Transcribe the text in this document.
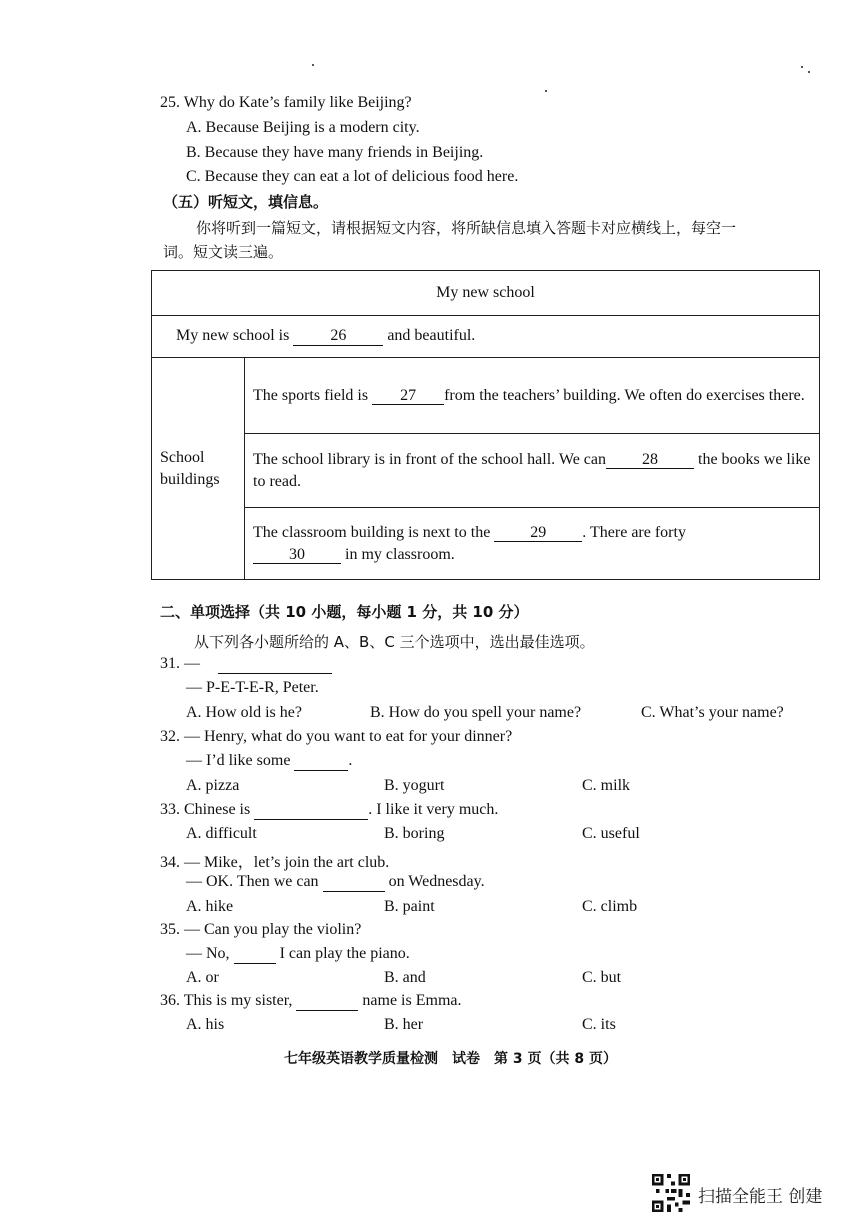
25. Why do Kate’s family like Beijing?
A. Because Beijing is a modern city.
B. Because they have many friends in Beijing.
C. Because they can eat a lot of delicious food here.
（五）听短文，填信息。
你将听到一篇短文，请根据短文内容，将所缺信息填入答题卡对应横线上，每空一
词。短文读三遍。
My new school
My new school is	26	and beautiful.
School buildings	The sports field is 27 from the teachers’ building. We often do exercises there.
The school library is in front of the school hall. We can 28	the books we like to read.
The classroom building is next to the	29 . There are forty
30	in my classroom.
二、单项选择（共 10 小题，每小题 1 分，共 10 分）
从下列各小题所给的 A、B、C 三个选项中，选出最佳选项。
31. —
— P-E-T-E-R, Peter.
A. How old is he?	B. How do you spell your name?	C. What’s your name?
32. — Henry, what do you want to eat for your dinner?
— I’d like some	.
A. pizza	B. yogurt	C. milk
33. Chinese is	. I like it very much.
A. difficult	B. boring	C. useful
34. — Mike，let’s join the art club.
— OK. Then we can	on Wednesday.
A. hike	B. paint	C. climb
35. — Can you play the violin?
— No,	I can play the piano.
A. or	B. and	C. but
36. This is my sister,	name is Emma.
A. his	B. her	C. its
七年级英语教学质量检测　试卷　第 3 页（共 8 页）
扫描全能王 创建
